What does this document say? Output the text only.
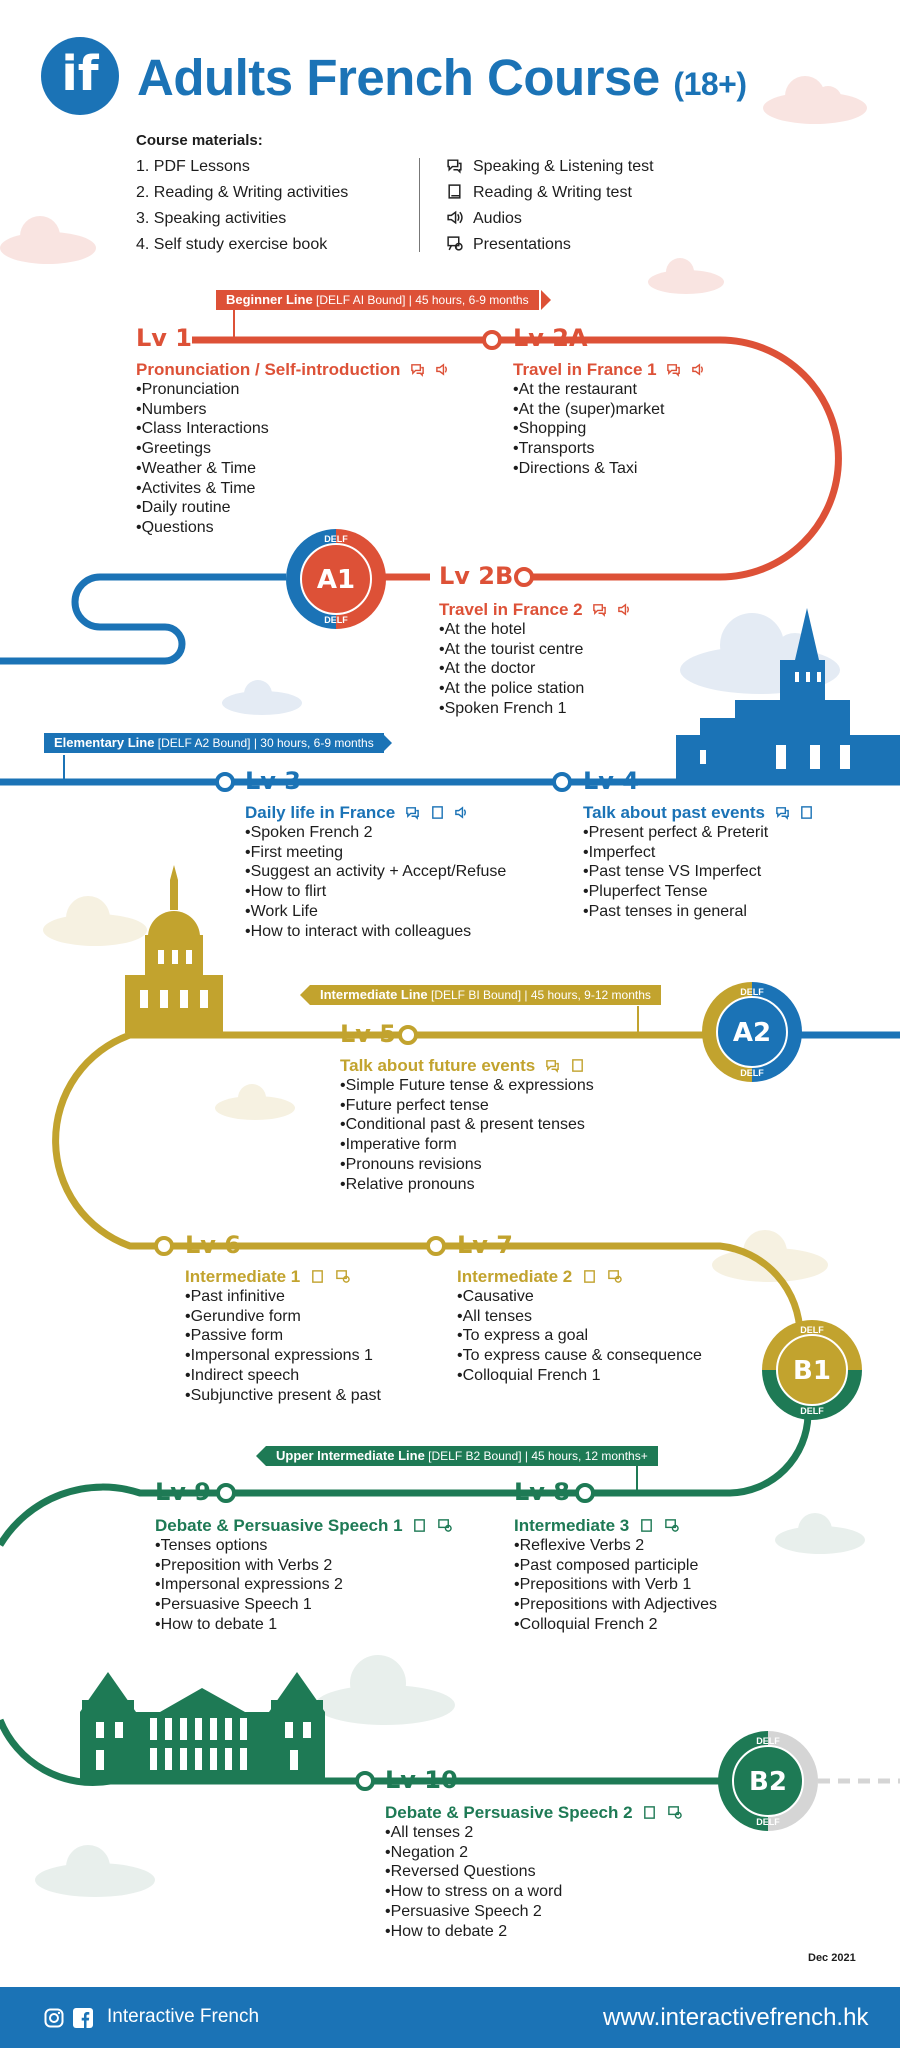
if Adults French Course (18+)
Course materials:
1. PDF Lessons
2. Reading & Writing activities
3. Speaking activities
4. Self study exercise book
Speaking & Listening test
Reading & Writing test
Audios
Presentations
Beginner Line [DELF AI Bound] | 45 hours, 6-9 months
Elementary Line [DELF A2 Bound] | 30 hours, 6-9 months
Intermediate Line [DELF BI Bound] | 45 hours, 9-12 months
Upper Intermediate Line [DELF B2 Bound] | 45 hours, 12 months+
A1
DELF
DELF
A2
DELF
DELF
B1
DELF
DELF
B2
DELF
DELF
Lv 1
Pronunciation / Self-introduction
• Pronunciation
• Numbers
• Class Interactions
• Greetings
• Weather & Time
• Activites & Time
• Daily routine
• Questions
Lv 2A
Travel in France 1
• At the restaurant
• At the (super)market
• Shopping
• Transports
• Directions & Taxi
Lv 2B
Travel in France 2
• At the hotel
• At the tourist centre
• At the doctor
• At the police station
• Spoken French 1
Lv 3
Daily life in France
• Spoken French 2
• First meeting
• Suggest an activity + Accept/Refuse
• How to flirt
• Work Life
• How to interact with colleagues
Lv 4
Talk about past events
• Present perfect & Preterit
• Imperfect
• Past tense VS Imperfect
• Pluperfect Tense
• Past tenses in general
Lv 5
Talk about future events
• Simple Future tense & expressions
• Future perfect tense
• Conditional past & present tenses
• Imperative form
• Pronouns revisions
• Relative pronouns
Lv 6
Intermediate 1
• Past infinitive
• Gerundive form
• Passive form
• Impersonal expressions 1
• Indirect speech
• Subjunctive present & past
Lv 7
Intermediate 2
• Causative
• All tenses
• To express a goal
• To express cause & consequence
• Colloquial French 1
Lv 9
Debate & Persuasive Speech 1
• Tenses options
• Preposition with Verbs 2
• Impersonal expressions 2
• Persuasive Speech 1
• How to debate 1
Lv 8
Intermediate 3
• Reflexive Verbs 2
• Past composed participle
• Prepositions with Verb 1
• Prepositions with Adjectives
• Colloquial French 2
Lv 10
Debate & Persuasive Speech 2
• All tenses 2
• Negation 2
• Reversed Questions
• How to stress on a word
• Persuasive Speech 2
• How to debate 2
Dec 2021
Interactive French	www.interactivefrench.hk
